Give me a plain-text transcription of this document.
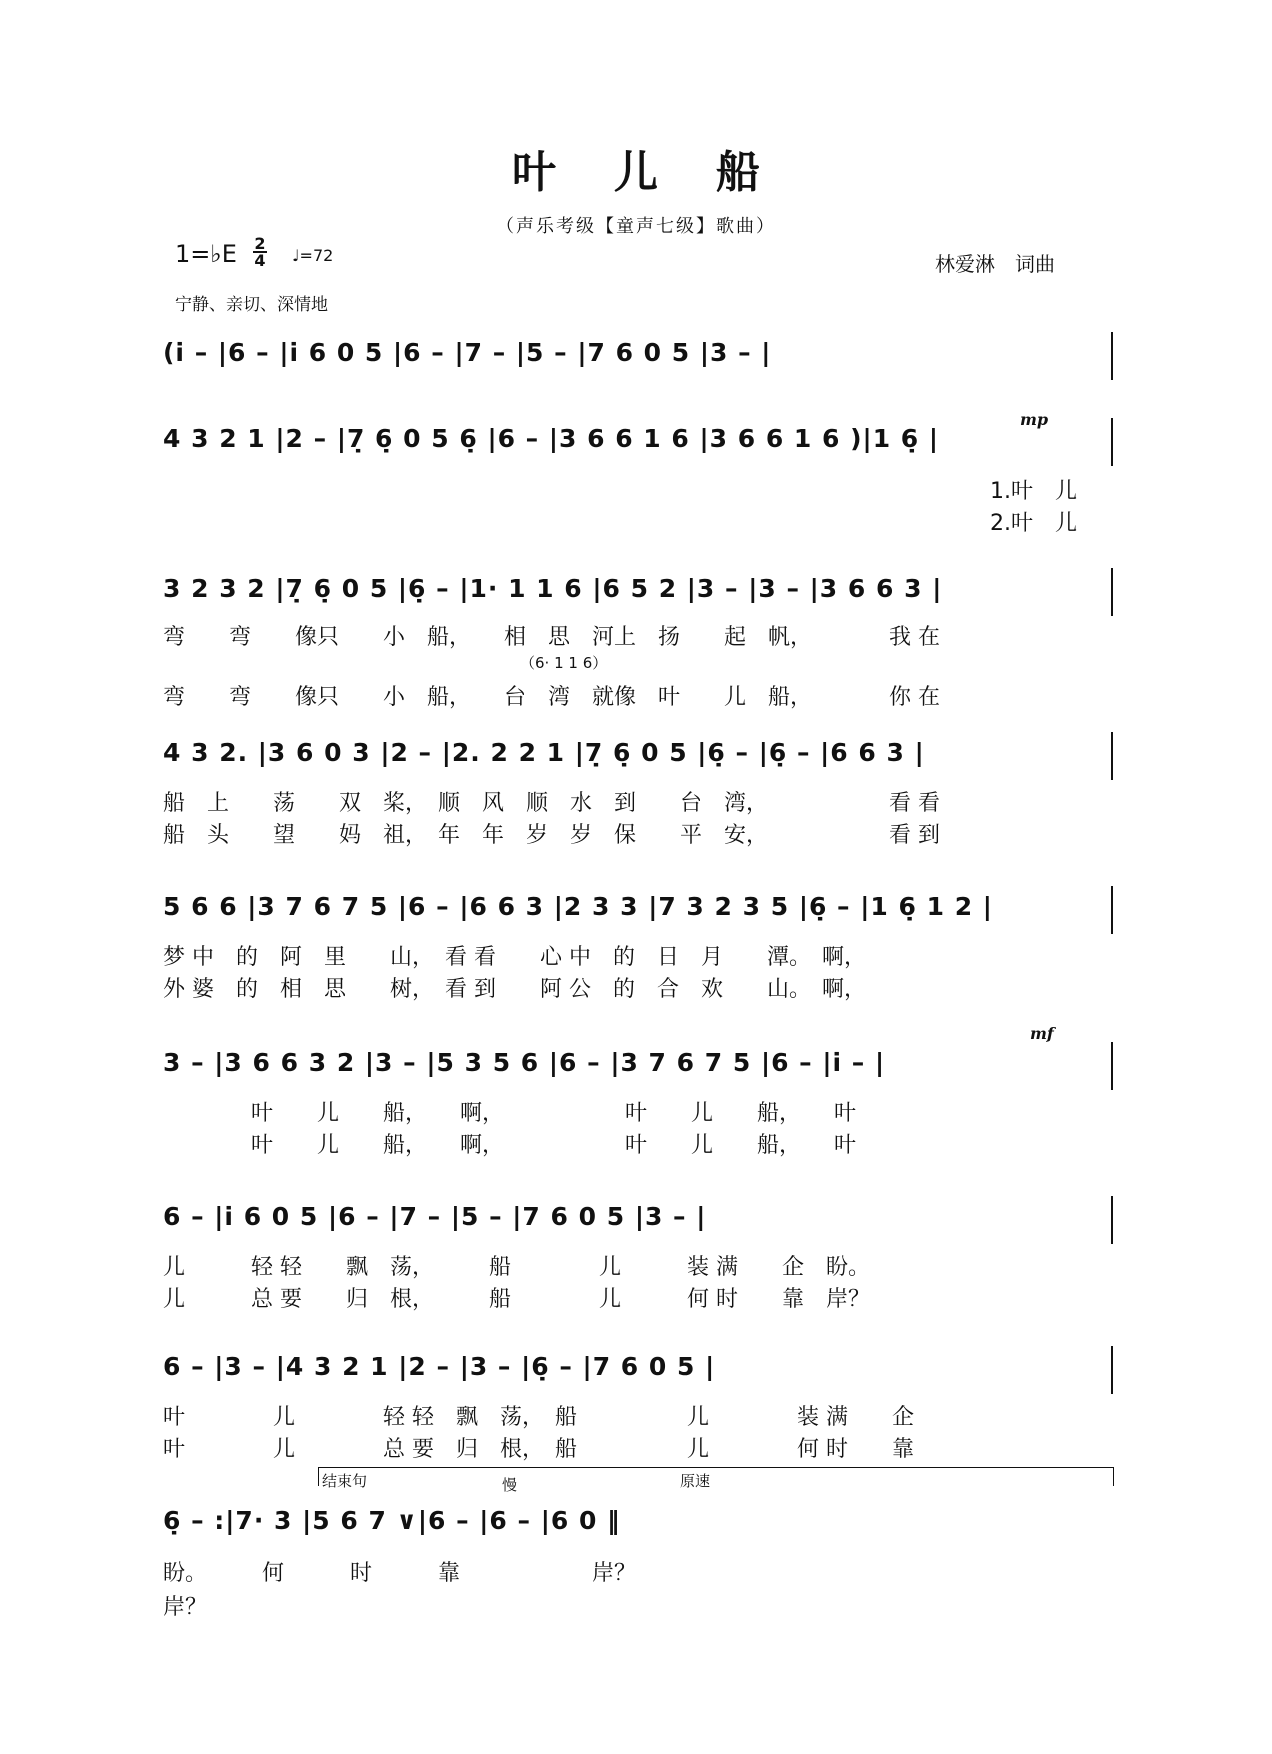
叶儿船
（声乐考级【童声七级】歌曲）
1=♭E 2
4 ♩=72	林爱淋　词曲
宁静、亲切、深情地
(i̇ – |6 – |i̇ 6 0 5 |6 – |7 – |5 – |7 6 0 5 |3 – |
mp
4 3 2 1 |2 – |7̣ 6̣ 0 5 6̣ |6 – |3 6 6 1 6 |3 6 6 1 6 )|1 6̣ |
1.叶　儿
2.叶　儿
3 2 3 2 |7̣ 6̣ 0 5 |6̣ – |1· 1 1 6 |6 5 2 |3 – |3 – |3 6 6 3 |
弯　　弯　　像只　　小　船，　　相　思　河上　扬　　起　帆，　　　　我 在
（6· 1 1 6）
弯　　弯　　像只　　小　船，　　台　湾　就像　叶　　儿　船，　　　　你 在
4 3 2. |3 6 0 3 |2 – |2. 2 2 1 |7̣ 6̣ 0 5 |6̣ – |6̣ – |6 6 3 |
船　上　　荡　　双　桨，　顺　风　顺　水　到　　台　湾，　　　　　　看 看
船　头　　望　　妈　祖，　年　年　岁　岁　保　　平　安，　　　　　　看 到
5 6 6 |3 7 6 7 5 |6 – |6 6 3 |2 3 3 |7 3 2 3 5 |6̣ – |1 6̣ 1 2 |
梦 中　的　阿　里　　山，　看 看　　心 中　的　日　月　　潭。　啊，
外 婆　的　相　思　　树，　看 到　　阿 公　的　合　欢　　山。　啊，
mf
3 – |3 6 6 3 2 |3 – |5 3 5 6 |6 – |3 7 6 7 5 |6 – |i̇ – |
　　　　叶　　儿　　船，　　啊，　　　　　　叶　　儿　　船，　　叶
　　　　叶　　儿　　船，　　啊，　　　　　　叶　　儿　　船，　　叶
6 – |i̇ 6 0 5 |6 – |7 – |5 – |7 6 0 5 |3 – |
儿　　　轻 轻　　飘　荡，　　　船　　　　儿　　　装 满　　企　盼。
儿　　　总 要　　归　根，　　　船　　　　儿　　　何 时　　靠　岸？
6 – |3 – |4 3 2 1 |2 – |3 – |6̣ – |7 6 0 5 |
叶　　　　儿　　　　轻 轻　飘　荡，　船　　　　　儿　　　　装 满　　企
叶　　　　儿　　　　总 要　归　根，　船　　　　　儿　　　　何 时　　靠
结束句	慢	原速
6̣ – :|7· 3 |5 6 7 ∨|6 – |6 – |6 0 ‖
盼。　　　何　　　时　　　靠　　　　　　岸？
岸？
